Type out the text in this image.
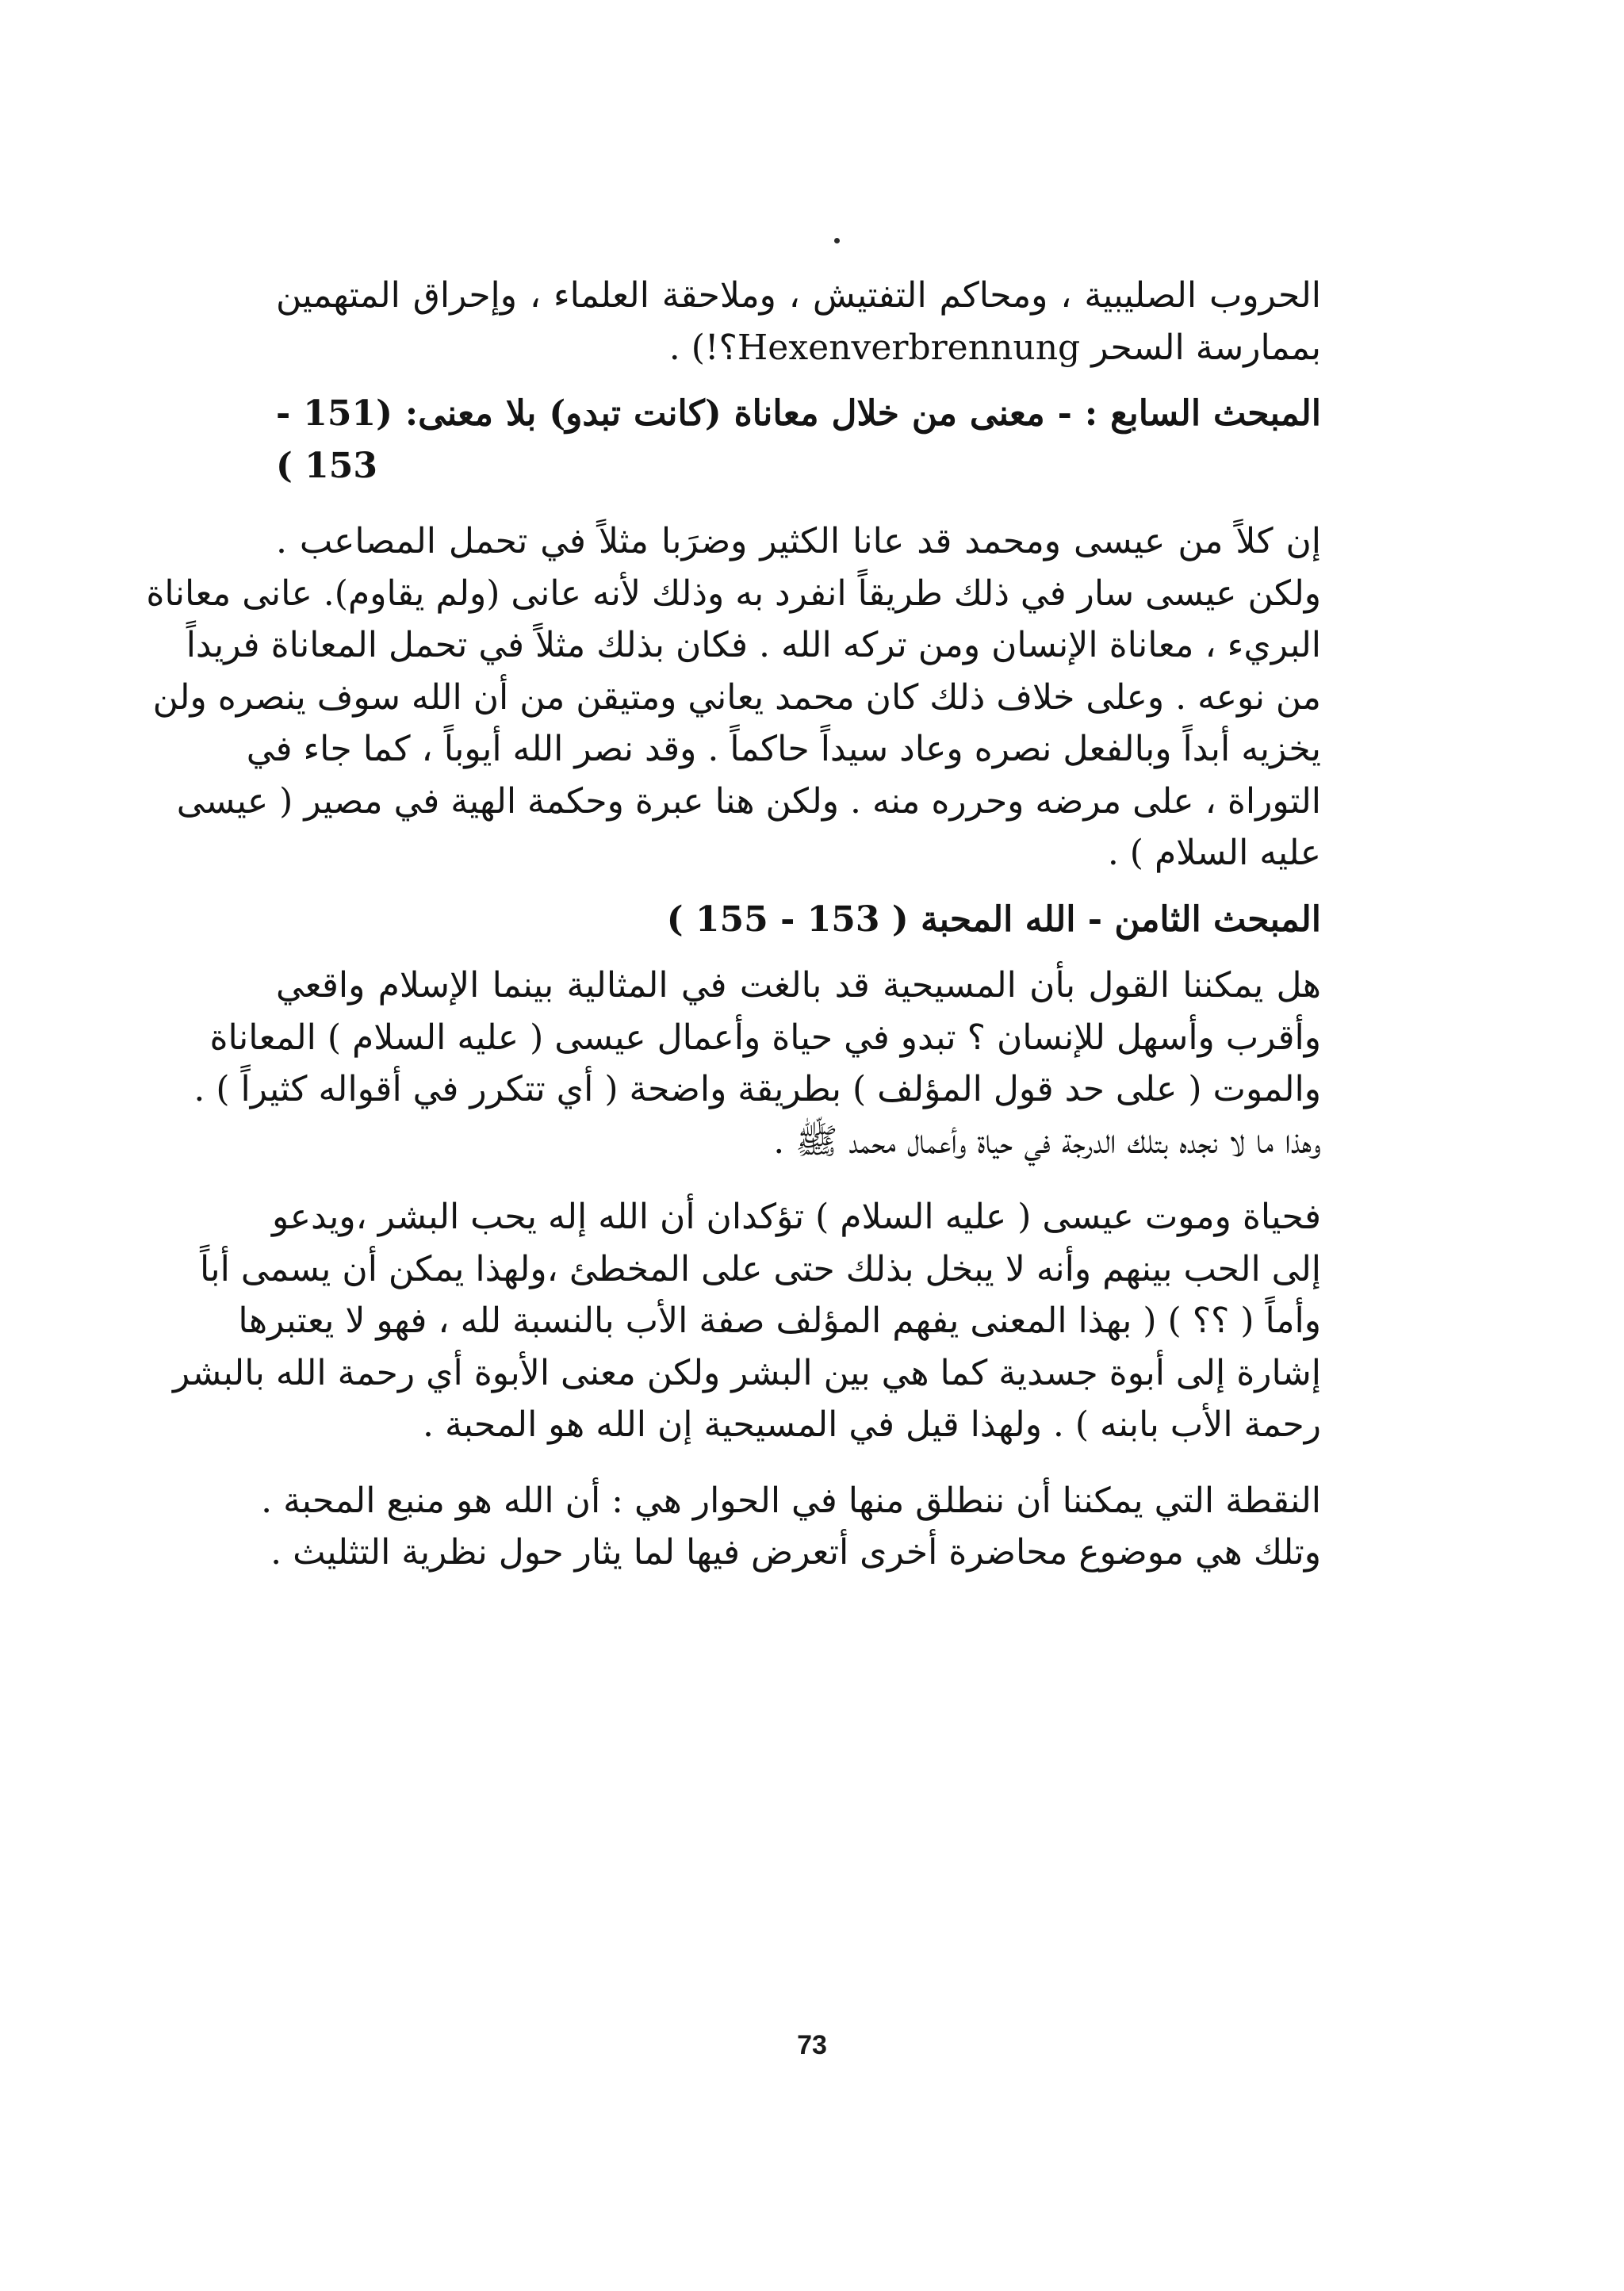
الحروب الصليبية ، ومحاكم التفتيش ، وملاحقة العلماء ، وإحراق المتهمين
بممارسة السحر Hexenverbrennung؟!) .
المبحث السابع : - معنى من خلال معاناة (كانت تبدو) بلا معنى: (151 -
153 )
إن كلاً من عيسى ومحمد قد عانا الكثير وضرَبا مثلاً في تحمل المصاعب .
ولكن عيسى سار في ذلك طريقاً انفرد به وذلك لأنه عانى (ولم يقاوم). عانى معاناة
البريء ، معاناة الإنسان ومن تركه الله . فكان بذلك مثلاً في تحمل المعاناة فريداً
من نوعه . وعلى خلاف ذلك كان محمد يعاني ومتيقن من أن الله سوف ينصره ولن
يخزيه أبداً وبالفعل نصره وعاد سيداً حاكماً . وقد نصر الله أيوباً ، كما جاء في
التوراة ، على مرضه وحرره منه . ولكن هنا عبرة وحكمة الهية في مصير ( عيسى
عليه السلام ) .
المبحث الثامن - الله المحبة ( 153 - 155 )
هل يمكننا القول بأن المسيحية قد بالغت في المثالية بينما الإسلام واقعي
وأقرب وأسهل للإنسان ؟ تبدو في حياة وأعمال عيسى ( عليه السلام ) المعاناة
والموت ( على حد قول المؤلف ) بطريقة واضحة ( أي تتكرر في أقواله كثيراً ) .
وهذا ما لا نجده بتلك الدرجة في حياة وأعمال محمد ﷺ .
فحياة وموت عيسى ( عليه السلام ) تؤكدان أن الله إله يحب البشر ،ويدعو
إلى الحب بينهم وأنه لا يبخل بذلك حتى على المخطئ ،ولهذا يمكن أن يسمى أباً
وأماً ( ؟؟ ) ( بهذا المعنى يفهم المؤلف صفة الأب بالنسبة لله ، فهو لا يعتبرها
إشارة إلى أبوة جسدية كما هي بين البشر ولكن معنى الأبوة أي رحمة الله بالبشر
رحمة الأب بابنه ) . ولهذا قيل في المسيحية إن الله هو المحبة .
النقطة التي يمكننا أن ننطلق منها في الحوار هي : أن الله هو منبع المحبة .
وتلك هي موضوع محاضرة أخرى أتعرض فيها لما يثار حول نظرية التثليث .
73
